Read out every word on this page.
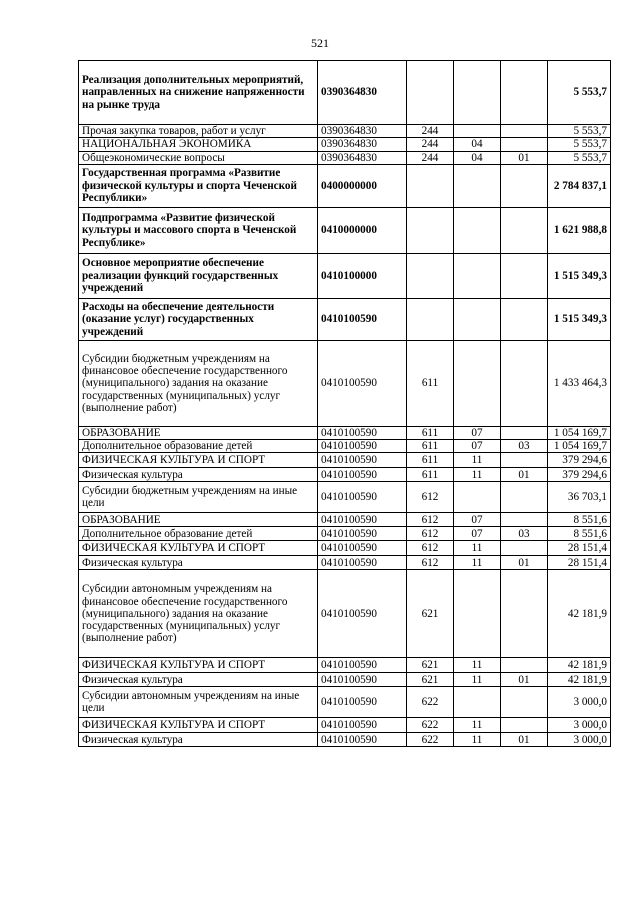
521
Реализация дополнительных мероприятий, направленных на снижение напряженности на рынке труда	0390364830				5 553,7
Прочая закупка товаров, работ и услуг	0390364830	244			5 553,7
НАЦИОНАЛЬНАЯ ЭКОНОМИКА	0390364830	244	04		5 553,7
Общеэкономические вопросы	0390364830	244	04	01	5 553,7
Государственная программа «Развитие физической культуры и спорта Чеченской Республики»	0400000000				2 784 837,1
Подпрограмма «Развитие физической культуры и массового спорта в Чеченской Республике»	0410000000				1 621 988,8
Основное мероприятие обеспечение реализации функций государственных учреждений	0410100000				1 515 349,3
Расходы на обеспечение деятельности (оказание услуг) государственных учреждений	0410100590				1 515 349,3
Субсидии бюджетным учреждениям на финансовое обеспечение государственного (муниципального) задания на оказание государственных (муниципальных) услуг (выполнение работ)	0410100590	611			1 433 464,3
ОБРАЗОВАНИЕ	0410100590	611	07		1 054 169,7
Дополнительное образование детей	0410100590	611	07	03	1 054 169,7
ФИЗИЧЕСКАЯ КУЛЬТУРА И СПОРТ	0410100590	611	11		379 294,6
Физическая культура	0410100590	611	11	01	379 294,6
Субсидии бюджетным учреждениям на иные цели	0410100590	612			36 703,1
ОБРАЗОВАНИЕ	0410100590	612	07		8 551,6
Дополнительное образование детей	0410100590	612	07	03	8 551,6
ФИЗИЧЕСКАЯ КУЛЬТУРА И СПОРТ	0410100590	612	11		28 151,4
Физическая культура	0410100590	612	11	01	28 151,4
Субсидии автономным учреждениям на финансовое обеспечение государственного (муниципального) задания на оказание государственных (муниципальных) услуг (выполнение работ)	0410100590	621			42 181,9
ФИЗИЧЕСКАЯ КУЛЬТУРА И СПОРТ	0410100590	621	11		42 181,9
Физическая культура	0410100590	621	11	01	42 181,9
Субсидии автономным учреждениям на иные цели	0410100590	622			3 000,0
ФИЗИЧЕСКАЯ КУЛЬТУРА И СПОРТ	0410100590	622	11		3 000,0
Физическая культура	0410100590	622	11	01	3 000,0
